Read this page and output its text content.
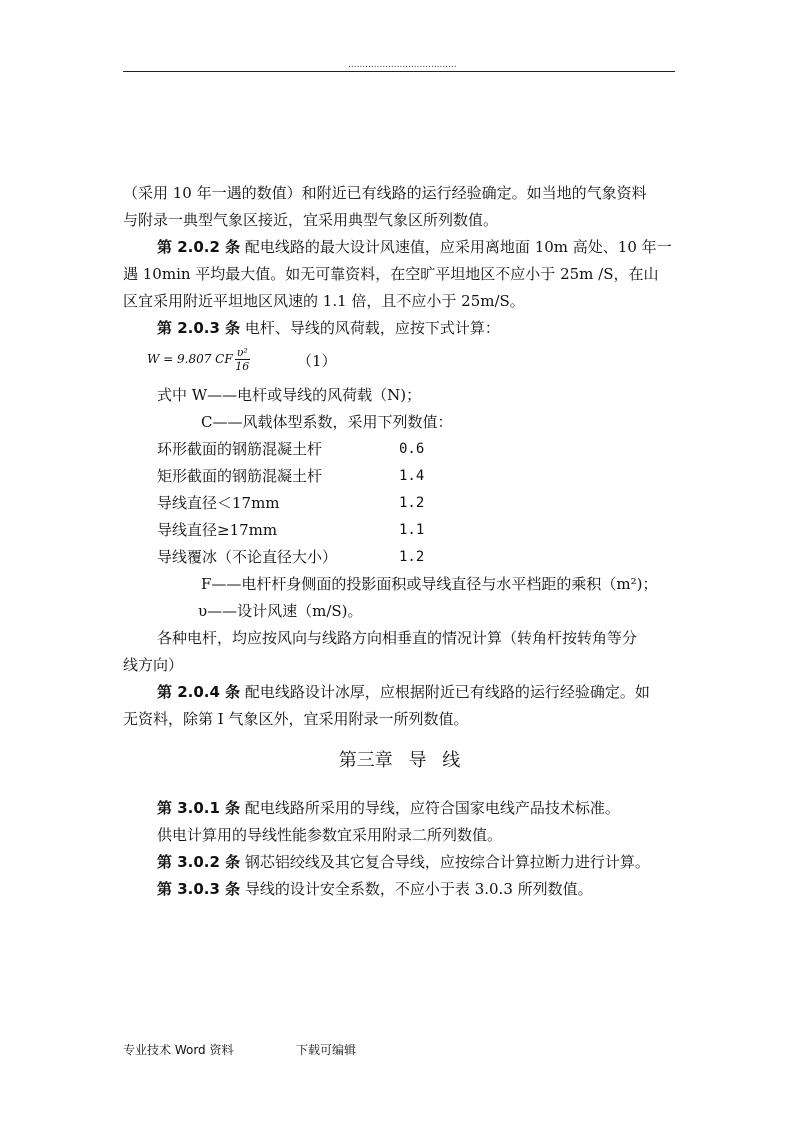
......................................
（采用 10 年一遇的数值）和附近已有线路的运行经验确定。如当地的气象资料
与附录一典型气象区接近，宜采用典型气象区所列数值。
第 2.0.2 条 配电线路的最大设计风速值，应采用离地面 10m 高处、10 年一
遇 10min 平均最大值。如无可靠资料，在空旷平坦地区不应小于 25m /S，在山
区宜采用附近平坦地区风速的 1.1 倍，且不应小于 25m/S。
第 2.0.3 条 电杆、导线的风荷载，应按下式计算：
W = 9.807 CF $\frac{\text{υ²}}{16}$	（1）
式中 W——电杆或导线的风荷载（N)；
C——风载体型系数，采用下列数值：
环形截面的钢筋混凝土杆	0.6
矩形截面的钢筋混凝土杆	1.4
导线直径＜17mm	1.2
导线直径≥17mm	1.1
导线覆冰（不论直径大小）	1.2
F——电杆杆身侧面的投影面积或导线直径与水平档距的乘积（m²)；
υ——设计风速（m/S)。
各种电杆，均应按风向与线路方向相垂直的情况计算（转角杆按转角等分
线方向）
第 2.0.4 条 配电线路设计冰厚，应根据附近已有线路的运行经验确定。如
无资料，除第 I 气象区外，宜采用附录一所列数值。
第三章 导 线
第 3.0.1 条 配电线路所采用的导线，应符合国家电线产品技术标准。
供电计算用的导线性能参数宜采用附录二所列数值。
第 3.0.2 条 钢芯铝绞线及其它复合导线，应按综合计算拉断力进行计算。
第 3.0.3 条 导线的设计安全系数，不应小于表 3.0.3 所列数值。
专业技术 Word 资料	下载可编辑
